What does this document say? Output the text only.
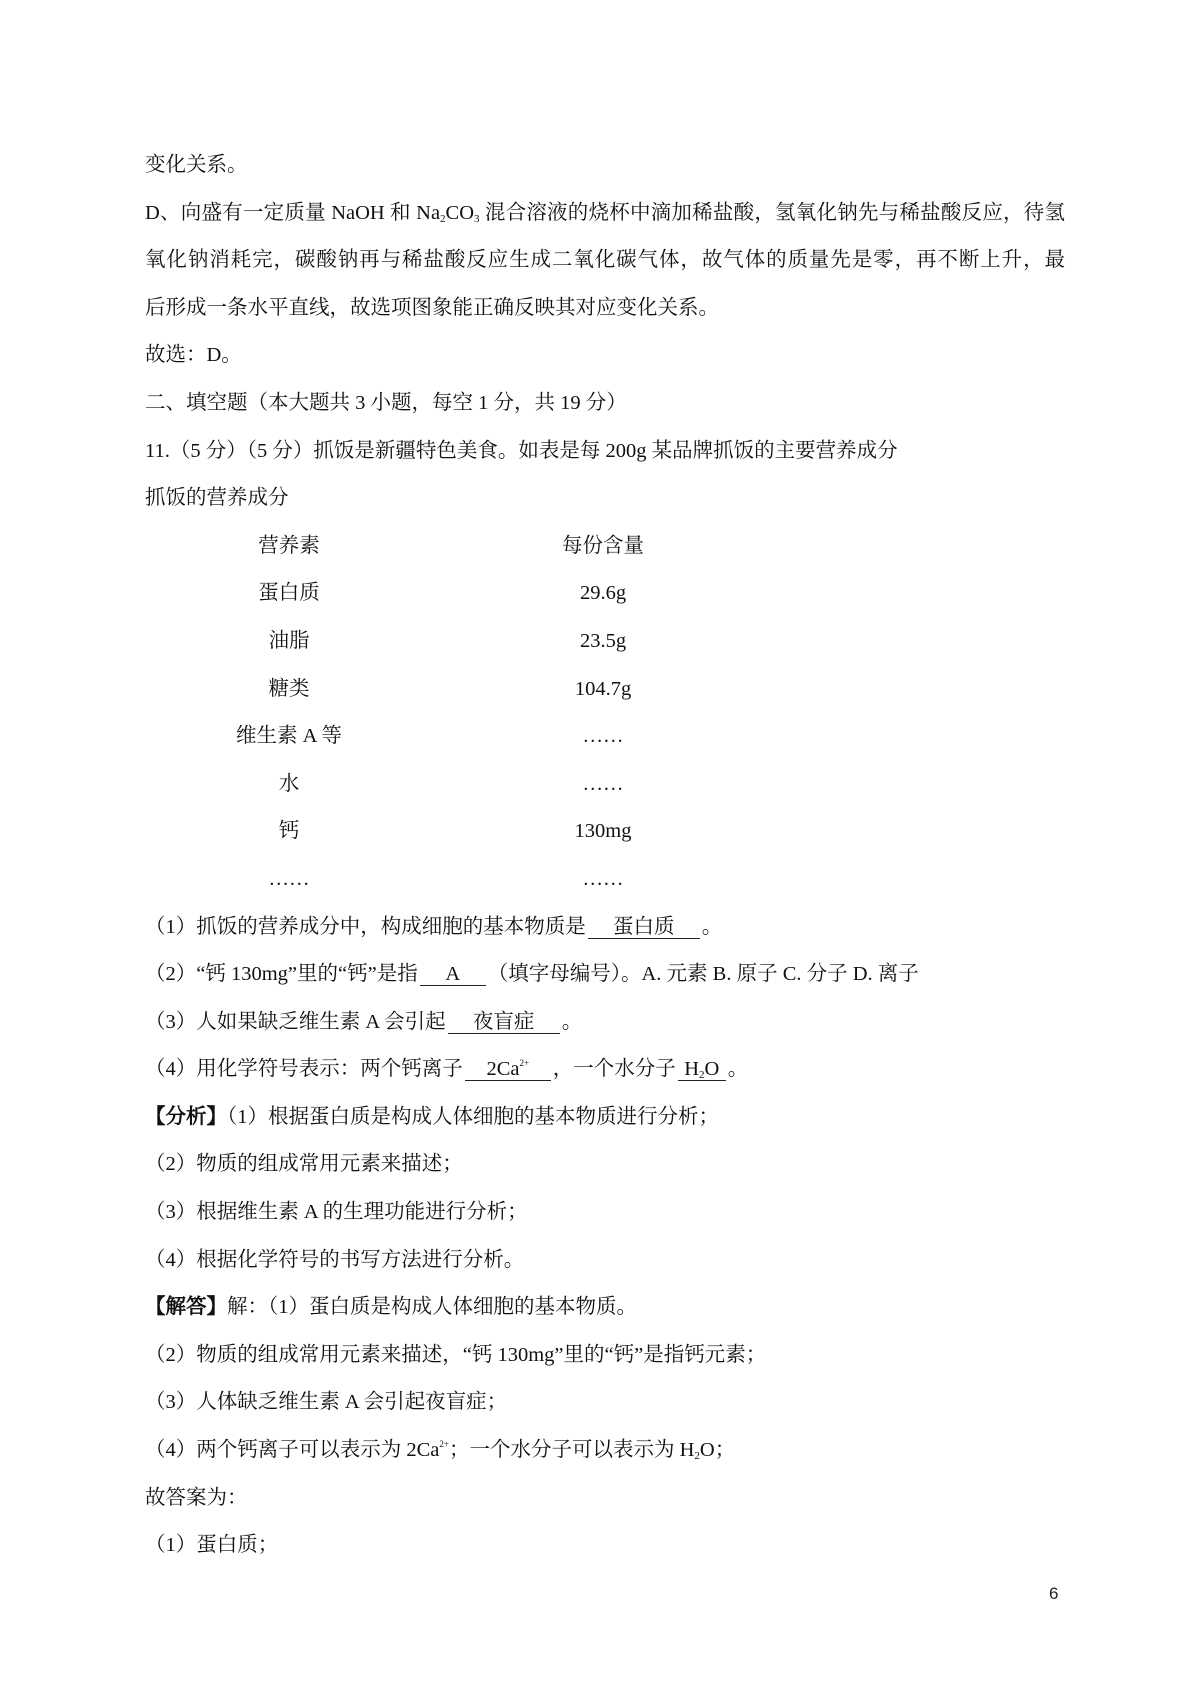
变化关系。
D、向盛有一定质量 NaOH 和 $Na_2CO_3$ 混合溶液的烧杯中滴加稀盐酸，氢氧化钠先与稀盐酸反应，待氢
氧化钠消耗完，碳酸钠再与稀盐酸反应生成二氧化碳气体，故气体的质量先是零，再不断上升，最
后形成一条水平直线，故选项图象能正确反映其对应变化关系。
故选：D。
二、填空题（本大题共 3 小题，每空 1 分，共 19 分）
11.（5 分）（5 分）抓饭是新疆特色美食。如表是每 200g 某品牌抓饭的主要营养成分
抓饭的营养成分
营养素	每份含量
蛋白质	29.6g
油脂	23.5g
糖类	104.7g
维生素 A 等	……
水	……
钙	130mg
……	……
（1）抓饭的营养成分中，构成细胞的基本物质是 蛋白质 。
（2）“钙 130mg”里的“钙”是指 A （填字母编号）。A. 元素 B. 原子 C. 分子 D. 离子
（3）人如果缺乏维生素 A 会引起 夜盲症 。
（4）用化学符号表示：两个钙离子 $2Ca^{2+}$ ，一个水分子 $H_2O$ 。
【分析】（1）根据蛋白质是构成人体细胞的基本物质进行分析；
（2）物质的组成常用元素来描述；
（3）根据维生素 A 的生理功能进行分析；
（4）根据化学符号的书写方法进行分析。
【解答】解：（1）蛋白质是构成人体细胞的基本物质。
（2）物质的组成常用元素来描述，“钙 130mg”里的“钙”是指钙元素；
（3）人体缺乏维生素 A 会引起夜盲症；
（4）两个钙离子可以表示为 $2Ca^{2+}$；一个水分子可以表示为 $H_2O$；
故答案为：
（1）蛋白质；
6
